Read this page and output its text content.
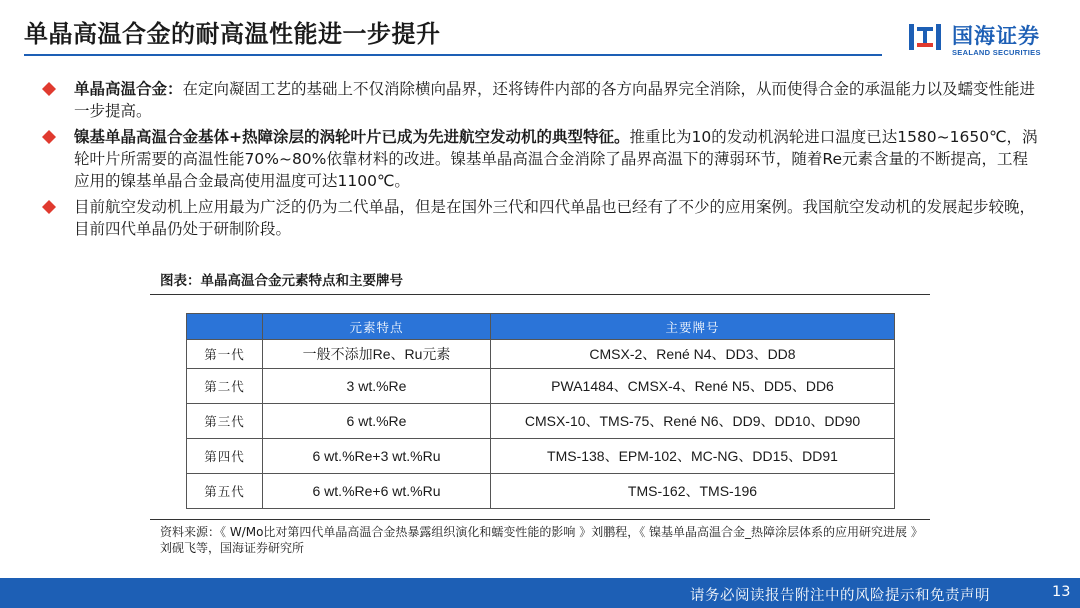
单晶高温合金的耐高温性能进一步提升	国海证券
SEALAND SECURITIES
单晶高温合金：在定向凝固工艺的基础上不仅消除横向晶界，还将铸件内部的各方向晶界完全消除，从而使得合金的承温能力以及蠕变性能进一步提高。
镍基单晶高温合金基体+热障涂层的涡轮叶片已成为先进航空发动机的典型特征。推重比为10的发动机涡轮进口温度已达1580~1650℃，涡轮叶片所需要的高温性能70%~80%依靠材料的改进。镍基单晶高温合金消除了晶界高温下的薄弱环节，随着Re元素含量的不断提高，工程应用的镍基单晶合金最高使用温度可达1100℃。
目前航空发动机上应用最为广泛的仍为二代单晶，但是在国外三代和四代单晶也已经有了不少的应用案例。我国航空发动机的发展起步较晚，目前四代单晶仍处于研制阶段。
图表：单晶高温合金元素特点和主要牌号
	元素特点	主要牌号
第一代	一般不添加Re、Ru元素	CMSX-2、René N4、DD3、DD8
第二代	3 wt.%Re	PWA1484、CMSX-4、René N5、DD5、DD6
第三代	6 wt.%Re	CMSX-10、TMS-75、René N6、DD9、DD10、DD90
第四代	6 wt.%Re+3 wt.%Ru	TMS-138、EPM-102、MC-NG、DD15、DD91
第五代	6 wt.%Re+6 wt.%Ru	TMS-162、TMS-196
资料来源：《 W/Mo比对第四代单晶高温合金热暴露组织演化和蠕变性能的影响 》刘鹏程，《 镍基单晶高温合金_热障涂层体系的应用研究进展 》刘砚飞等，国海证券研究所
请务必阅读报告附注中的风险提示和免责声明	13
